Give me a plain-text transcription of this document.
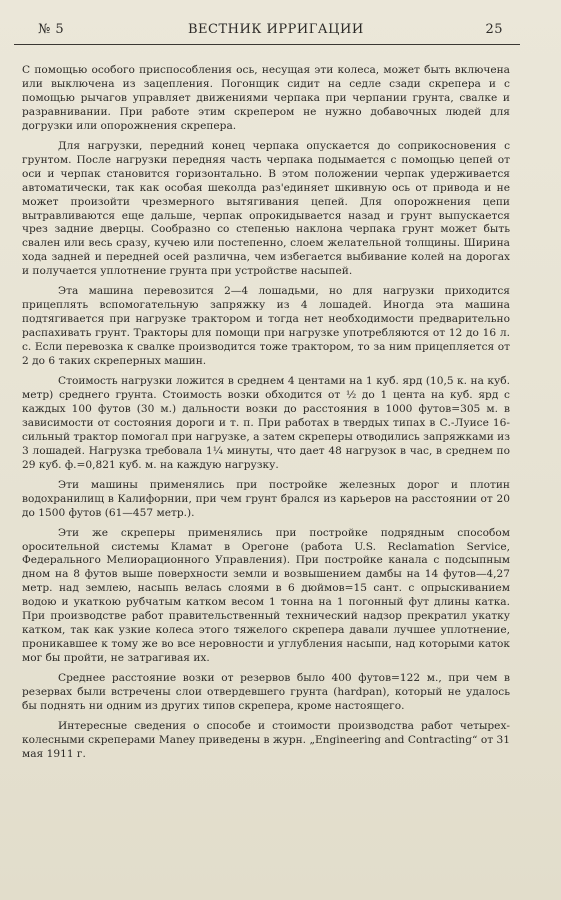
№ 5	ВЕСТНИК ИРРИГАЦИИ	25

С помощью особого приспособления ось, несущая эти колеса, может быть включена или выключена из зацепления. Погонщик сидит на седле сзади скрепера и с помощью рычагов управляет движениями черпака при черпании грунта, свалке и разравнивании. При работе этим скрепером не нужно добавочных людей для догрузки или опорожнения скрепера.

Для нагрузки, передний конец черпака опускается до соприкосновения с грунтом. После нагрузки передняя часть черпака подымается с помощью цепей от оси и черпак становится горизонтально. В этом положении черпак удерживается автоматически, так как особая шеколда раз'единяет шкивную ось от привода и не может произойти чрезмерного вытягивания цепей. Для опорожнения цепи вытравливаются еще дальше, черпак опрокидывается назад и грунт выпускается чрез задние дверцы. Сообразно со степенью наклона черпака грунт может быть свален или весь сразу, кучею или постепенно, слоем желательной толщины. Ширина хода задней и передней осей различна, чем избегается выбивание колей на дорогах и получается уплотнение грунта при устройстве насыпей.

Эта машина перевозится 2—4 лошадьми, но для нагрузки приходится прицеплять вспомогательную запряжку из 4 лошадей. Иногда эта машина подтягивается при нагрузке трактором и тогда нет необходимости предварительно распахивать грунт. Тракторы для помощи при нагрузке употребляются от 12 до 16 л. с. Если перевозка к свалке производится тоже трактором, то за ним прицепляется от 2 до 6 таких скреперных машин.

Стоимость нагрузки ложится в среднем 4 центами на 1 куб. ярд (10,5 к. на куб. метр) среднего грунта. Стоимость возки обходится от ½ до 1 цента на куб. ярд с каждых 100 футов (30 м.) дальности возки до расстояния в 1000 футов=305 м. в зависимости от состояния дороги и т. п. При работах в твердых типах в С.-Луисе 16-сильный трактор помогал при нагрузке, а затем скреперы отводились запряжками из 3 лошадей. Нагрузка требовала 1¼ минуты, что дает 48 нагрузок в час, в среднем по 29 куб. ф.=0,821 куб. м. на каждую нагрузку.

Эти машины применялись при постройке железных дорог и плотин водохранилищ в Калифорнии, при чем грунт брался из карьеров на расстоянии от 20 до 1500 футов (61—457 метр.).

Эти же скреперы применялись при постройке подрядным способом оросительной системы Кламат в Орегоне (работа U.S. Reclamation Service, Федерального Мелиорационного Управления). При постройке канала с подсыпным дном на 8 футов выше поверхности земли и возвышением дамбы на 14 футов—4,27 метр. над землею, насыпь велась слоями в 6 дюймов=15 сант. с опрыскиванием водою и укаткою рубчатым катком весом 1 тонна на 1 погонный фут длины катка. При производстве работ правительственный технический надзор прекратил укатку катком, так как узкие колеса этого тяжелого скрепера давали лучшее уплотнение, проникавшее к тому же во все неровности и углубления насыпи, над которыми каток мог бы пройти, не затрагивая их.

Среднее расстояние возки от резервов было 400 футов=122 м., при чем в резервах были встречены слои отвердевшего грунта (hardpan), который не удалось бы поднять ни одним из других типов скрепера, кроме настоящего.

Интересные сведения о способе и стоимости производства работ четырех-колесными скреперами Maney приведены в журн. „Engineering and Contracting“ от 31 мая 1911 г.
